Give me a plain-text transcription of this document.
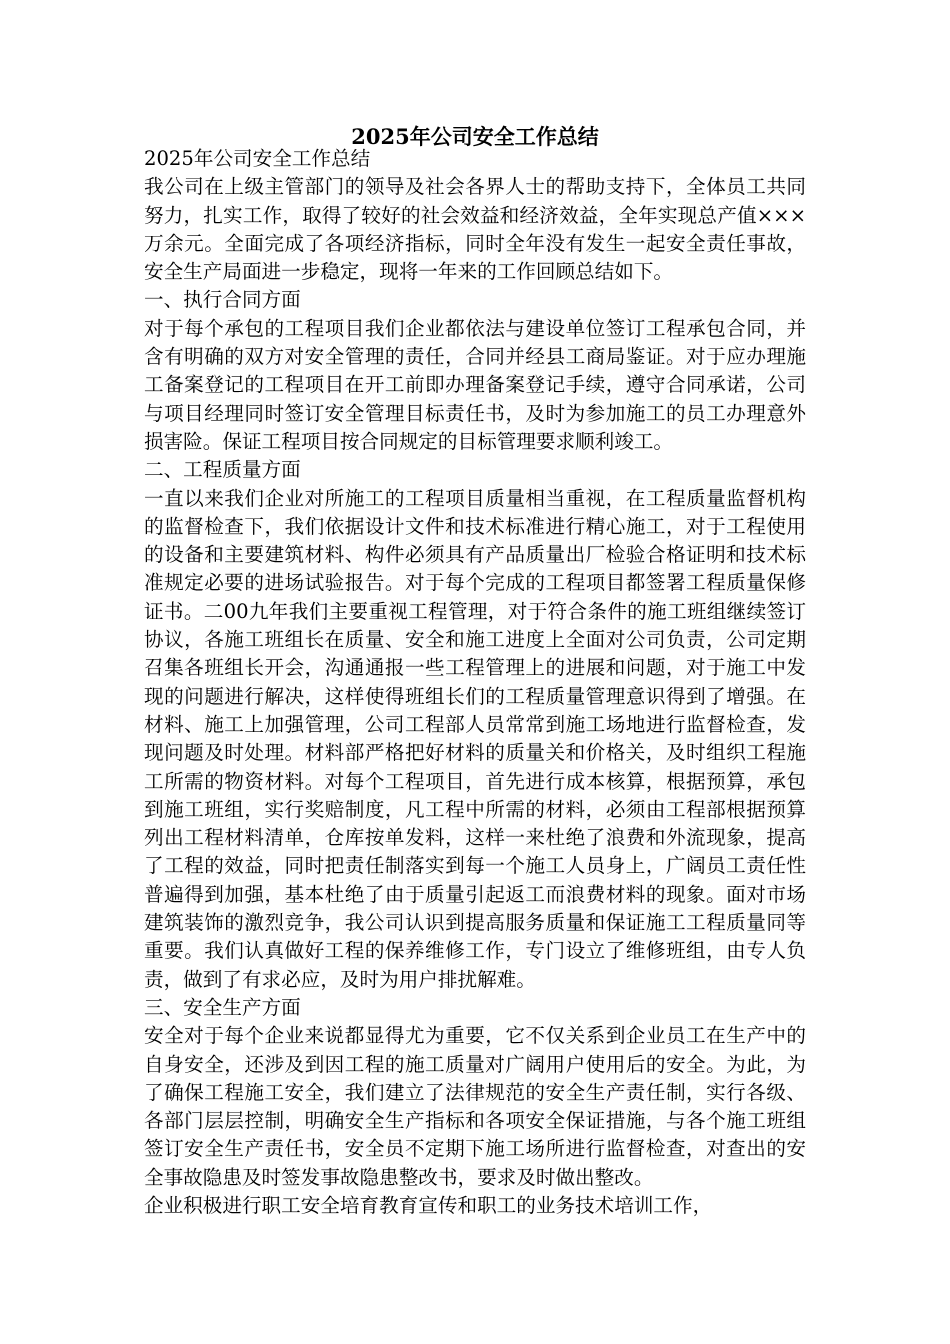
2025年公司安全工作总结

2025年公司安全工作总结

我公司在上级主管部门的领导及社会各界人士的帮助支持下，全体员工共同努力，扎实工作，取得了较好的社会效益和经济效益，全年实现总产值×××万余元。全面完成了各项经济指标，同时全年没有发生一起安全责任事故，安全生产局面进一步稳定，现将一年来的工作回顾总结如下。

一、执行合同方面

对于每个承包的工程项目我们企业都依法与建设单位签订工程承包合同，并含有明确的双方对安全管理的责任，合同并经县工商局鉴证。对于应办理施工备案登记的工程项目在开工前即办理备案登记手续，遵守合同承诺，公司与项目经理同时签订安全管理目标责任书，及时为参加施工的员工办理意外损害险。保证工程项目按合同规定的目标管理要求顺利竣工。

二、工程质量方面

一直以来我们企业对所施工的工程项目质量相当重视，在工程质量监督机构的监督检查下，我们依据设计文件和技术标准进行精心施工，对于工程使用的设备和主要建筑材料、构件必须具有产品质量出厂检验合格证明和技术标准规定必要的进场试验报告。对于每个完成的工程项目都签署工程质量保修证书。二00九年我们主要重视工程管理，对于符合条件的施工班组继续签订协议，各施工班组长在质量、安全和施工进度上全面对公司负责，公司定期召集各班组长开会，沟通通报一些工程管理上的进展和问题，对于施工中发现的问题进行解决，这样使得班组长们的工程质量管理意识得到了增强。在材料、施工上加强管理，公司工程部人员常常到施工场地进行监督检查，发现问题及时处理。材料部严格把好材料的质量关和价格关，及时组织工程施工所需的物资材料。对每个工程项目，首先进行成本核算，根据预算，承包到施工班组，实行奖赔制度，凡工程中所需的材料，必须由工程部根据预算列出工程材料清单，仓库按单发料，这样一来杜绝了浪费和外流现象，提高了工程的效益，同时把责任制落实到每一个施工人员身上，广阔员工责任性普遍得到加强，基本杜绝了由于质量引起返工而浪费材料的现象。面对市场建筑装饰的激烈竞争，我公司认识到提高服务质量和保证施工工程质量同等重要。我们认真做好工程的保养维修工作，专门设立了维修班组，由专人负责，做到了有求必应，及时为用户排扰解难。

三、安全生产方面

安全对于每个企业来说都显得尤为重要，它不仅关系到企业员工在生产中的自身安全，还涉及到因工程的施工质量对广阔用户使用后的安全。为此，为了确保工程施工安全，我们建立了法律规范的安全生产责任制，实行各级、各部门层层控制，明确安全生产指标和各项安全保证措施，与各个施工班组签订安全生产责任书，安全员不定期下施工场所进行监督检查，对查出的安全事故隐患及时签发事故隐患整改书，要求及时做出整改。

企业积极进行职工安全培育教育宣传和职工的业务技术培训工作，
